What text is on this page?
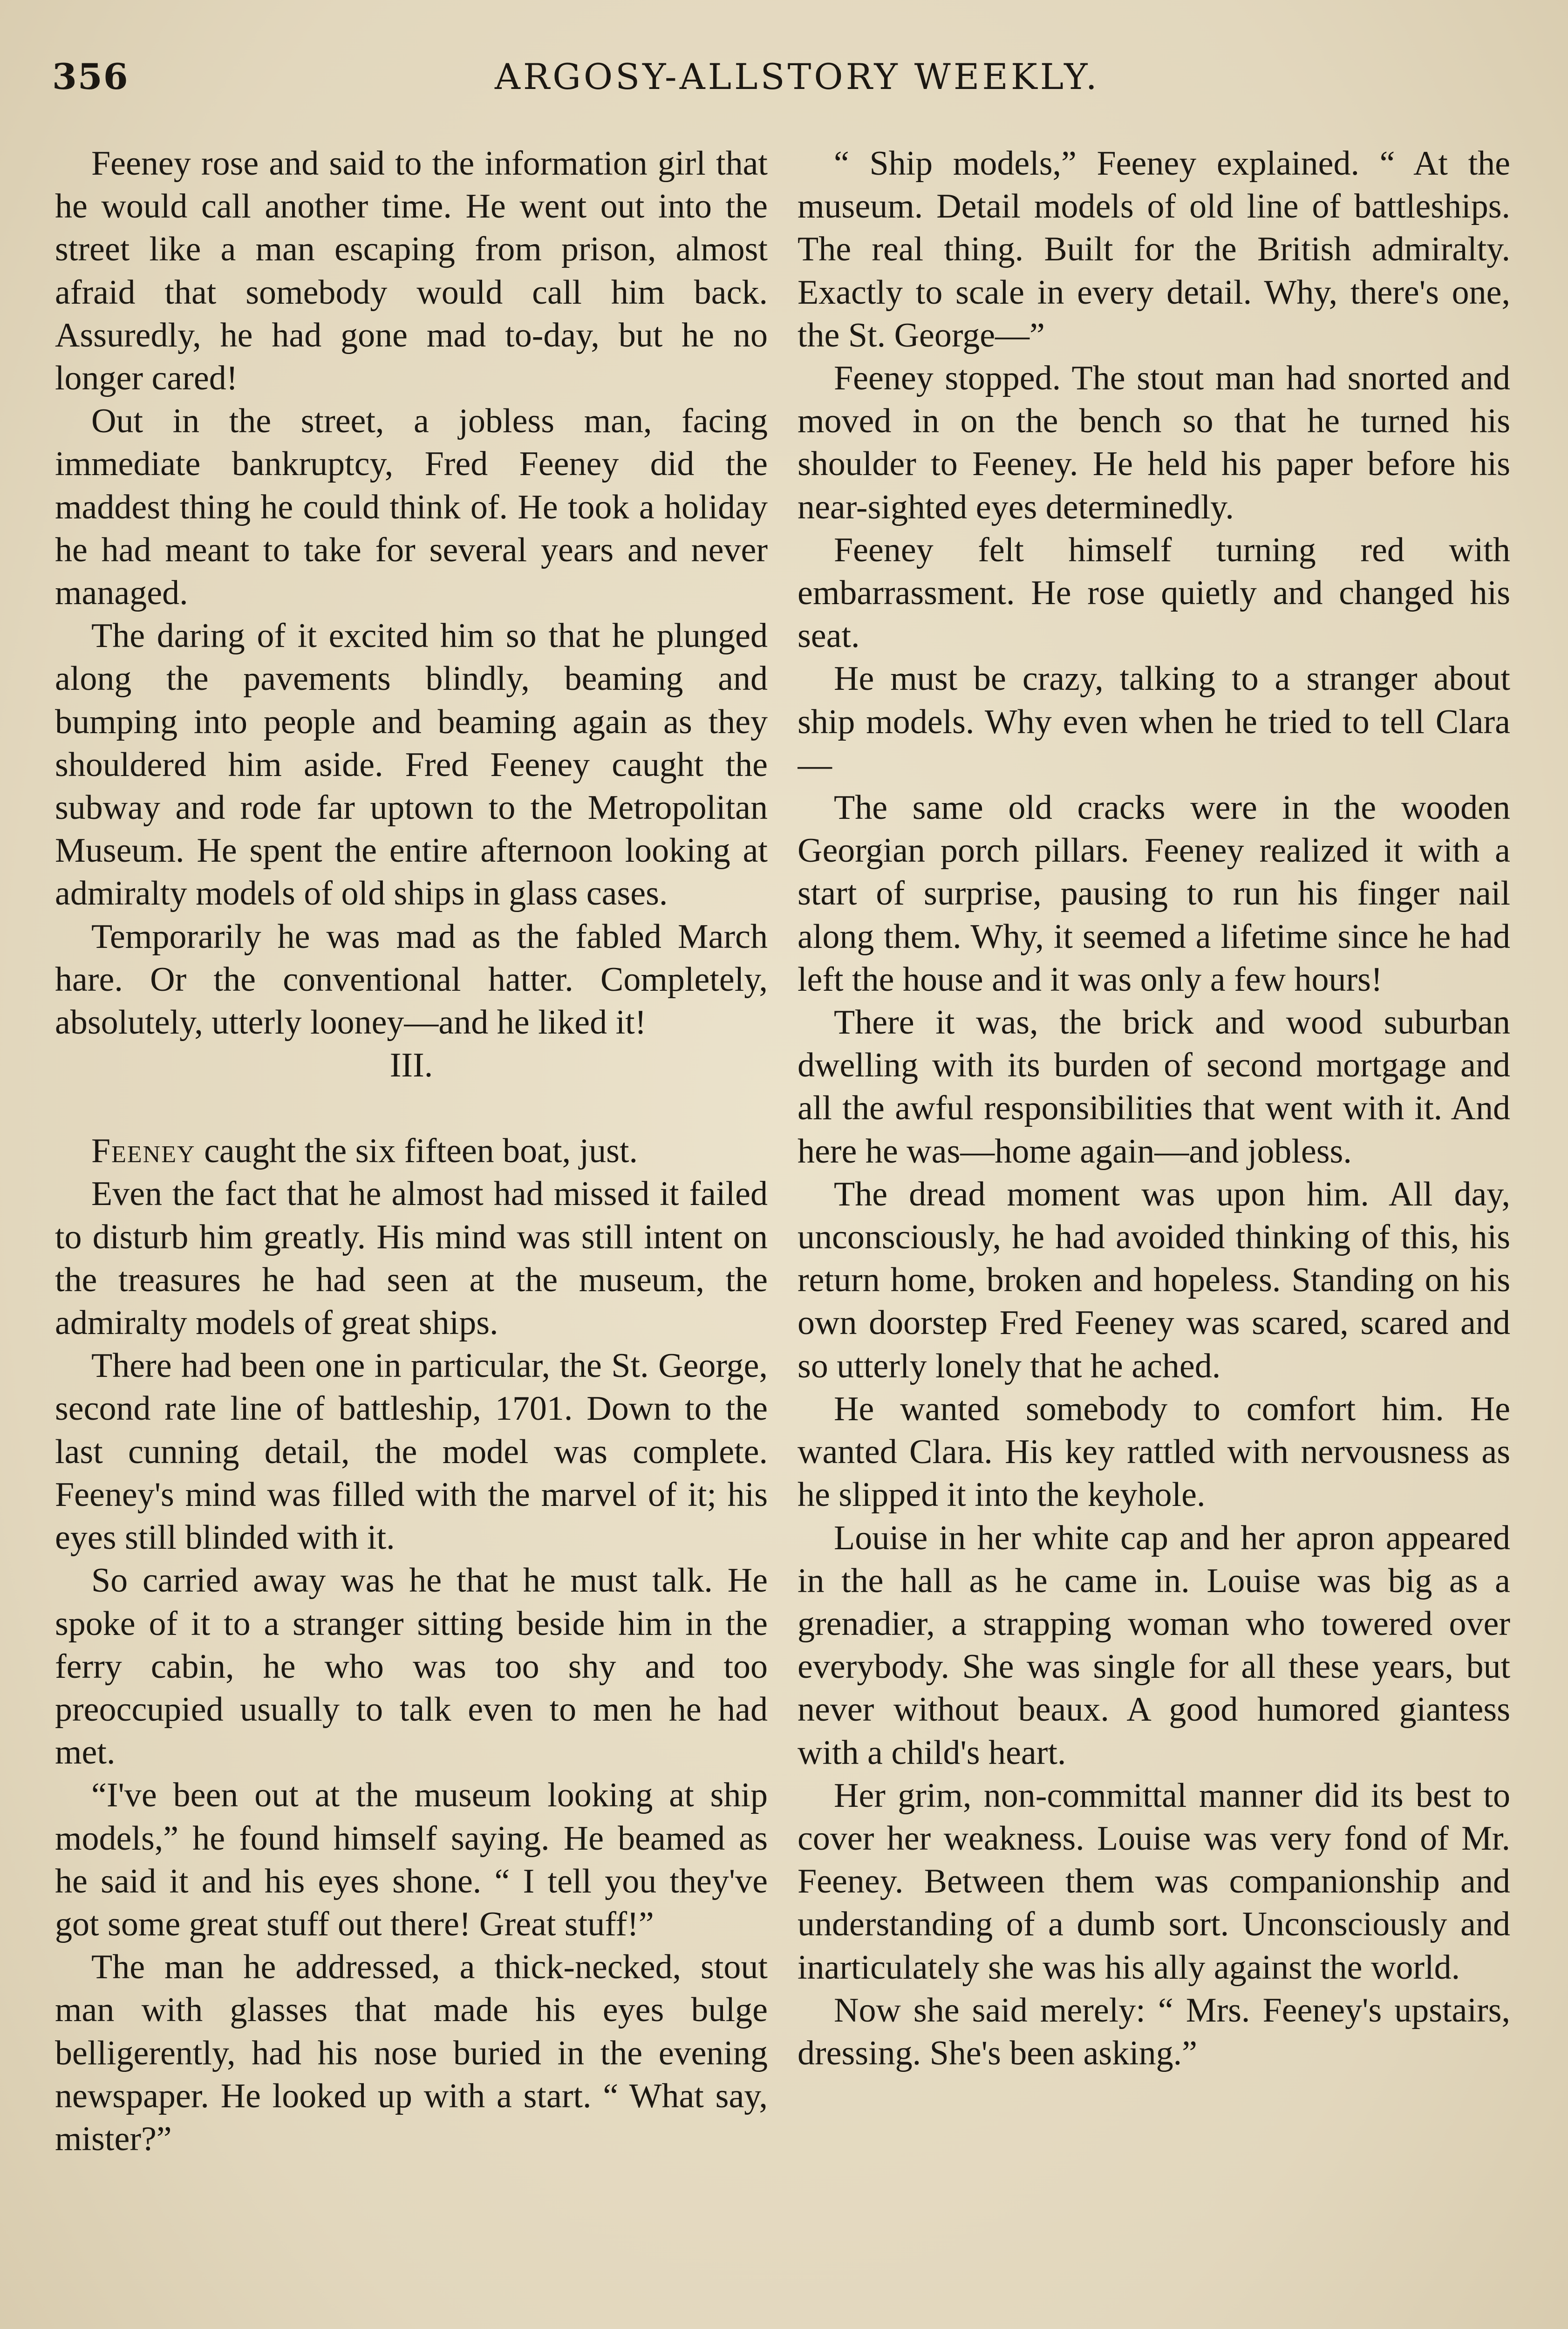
356	ARGOSY-ALLSTORY WEEKLY.

Feeney rose and said to the information girl that he would call another time. He went out into the street like a man escaping from prison, almost afraid that somebody would call him back. Assuredly, he had gone mad to-day, but he no longer cared!

Out in the street, a jobless man, facing immediate bankruptcy, Fred Feeney did the maddest thing he could think of. He took a holiday he had meant to take for several years and never managed.

The daring of it excited him so that he plunged along the pavements blindly, beaming and bumping into people and beaming again as they shouldered him aside. Fred Feeney caught the subway and rode far uptown to the Metropolitan Museum. He spent the entire afternoon looking at admiralty models of old ships in glass cases.

Temporarily he was mad as the fabled March hare. Or the conventional hatter. Completely, absolutely, utterly looney—and he liked it!

III.

Feeney caught the six fifteen boat, just.

Even the fact that he almost had missed it failed to disturb him greatly. His mind was still intent on the treasures he had seen at the museum, the admiralty models of great ships.

There had been one in particular, the St. George, second rate line of battleship, 1701. Down to the last cunning detail, the model was complete. Feeney's mind was filled with the marvel of it; his eyes still blinded with it.

So carried away was he that he must talk. He spoke of it to a stranger sitting beside him in the ferry cabin, he who was too shy and too preoccupied usually to talk even to men he had met.

“I've been out at the museum looking at ship models,” he found himself saying. He beamed as he said it and his eyes shone. “ I tell you they've got some great stuff out there! Great stuff!”

The man he addressed, a thick-necked, stout man with glasses that made his eyes bulge belligerently, had his nose buried in the evening newspaper. He looked up with a start. “ What say, mister?”

“ Ship models,” Feeney explained. “ At the museum. Detail models of old line of battleships. The real thing. Built for the British admiralty. Exactly to scale in every detail. Why, there's one, the St. George—”

Feeney stopped. The stout man had snorted and moved in on the bench so that he turned his shoulder to Feeney. He held his paper before his near-sighted eyes determinedly.

Feeney felt himself turning red with embarrassment. He rose quietly and changed his seat.

He must be crazy, talking to a stranger about ship models. Why even when he tried to tell Clara—

The same old cracks were in the wooden Georgian porch pillars. Feeney realized it with a start of surprise, pausing to run his finger nail along them. Why, it seemed a lifetime since he had left the house and it was only a few hours!

There it was, the brick and wood suburban dwelling with its burden of second mortgage and all the awful responsibilities that went with it. And here he was—home again—and jobless.

The dread moment was upon him. All day, unconsciously, he had avoided thinking of this, his return home, broken and hopeless. Standing on his own doorstep Fred Feeney was scared, scared and so utterly lonely that he ached.

He wanted somebody to comfort him. He wanted Clara. His key rattled with nervousness as he slipped it into the keyhole.

Louise in her white cap and her apron appeared in the hall as he came in. Louise was big as a grenadier, a strapping woman who towered over everybody. She was single for all these years, but never without beaux. A good humored giantess with a child's heart.

Her grim, non-committal manner did its best to cover her weakness. Louise was very fond of Mr. Feeney. Between them was companionship and understanding of a dumb sort. Unconsciously and inarticulately she was his ally against the world.

Now she said merely: “ Mrs. Feeney's upstairs, dressing. She's been asking.”
